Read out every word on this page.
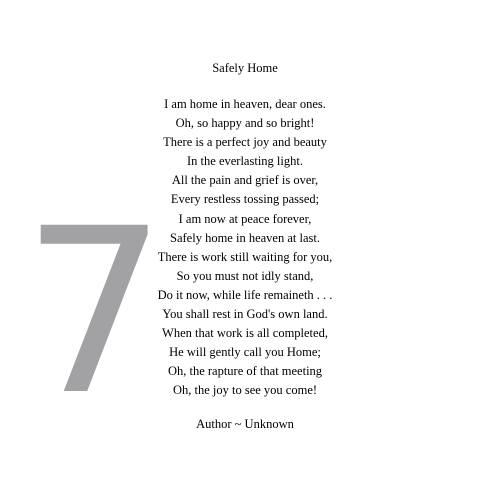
7
Safely Home
I am home in heaven, dear ones.
Oh, so happy and so bright!
There is a perfect joy and beauty
In the everlasting light.
All the pain and grief is over,
Every restless tossing passed;
I am now at peace forever,
Safely home in heaven at last.
There is work still waiting for you,
So you must not idly stand,
Do it now, while life remaineth . . .
You shall rest in God's own land.
When that work is all completed,
He will gently call you Home;
Oh, the rapture of that meeting
Oh, the joy to see you come!
Author ~ Unknown
